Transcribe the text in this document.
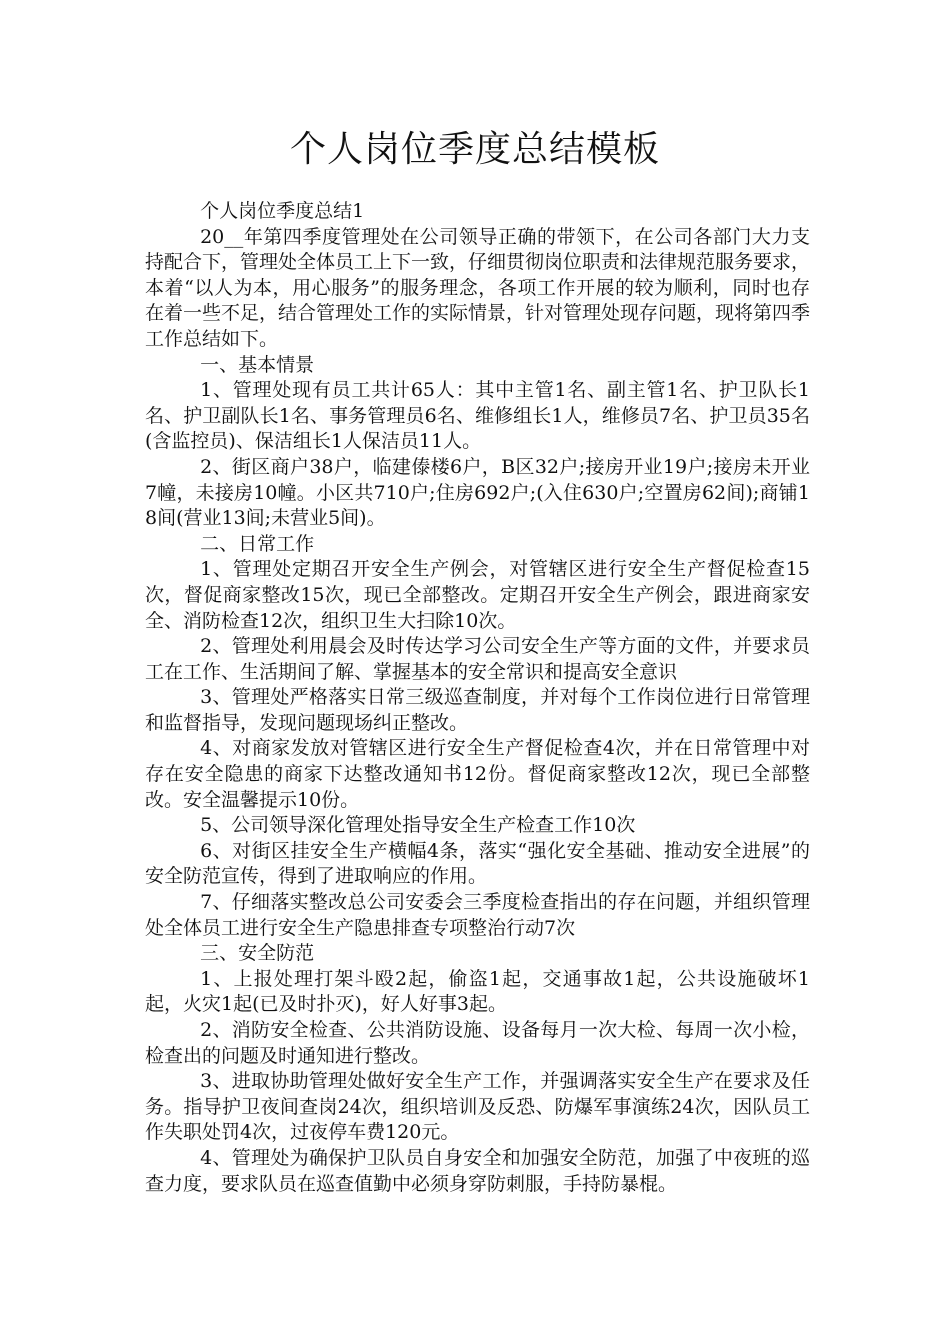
个人岗位季度总结模板

个人岗位季度总结1

20__年第四季度管理处在公司领导正确的带领下，在公司各部门大力支持配合下，管理处全体员工上下一致，仔细贯彻岗位职责和法律规范服务要求，本着“以人为本，用心服务”的服务理念，各项工作开展的较为顺利，同时也存在着一些不足，结合管理处工作的实际情景，针对管理处现存问题，现将第四季工作总结如下。

一、基本情景

1、管理处现有员工共计65人：其中主管1名、副主管1名、护卫队长1名、护卫副队长1名、事务管理员6名、维修组长1人，维修员7名、护卫员35名(含监控员)、保洁组长1人保洁员11人。

2、街区商户38户，临建傣楼6户，B区32户;接房开业19户;接房未开业7幢，未接房10幢。小区共710户;住房692户;(入住630户;空置房62间);商铺18间(营业13间;未营业5间)。

二、日常工作

1、管理处定期召开安全生产例会，对管辖区进行安全生产督促检查15次，督促商家整改15次，现已全部整改。定期召开安全生产例会，跟进商家安全、消防检查12次，组织卫生大扫除10次。

2、管理处利用晨会及时传达学习公司安全生产等方面的文件，并要求员工在工作、生活期间了解、掌握基本的安全常识和提高安全意识

3、管理处严格落实日常三级巡查制度，并对每个工作岗位进行日常管理和监督指导，发现问题现场纠正整改。

4、对商家发放对管辖区进行安全生产督促检查4次，并在日常管理中对存在安全隐患的商家下达整改通知书12份。督促商家整改12次，现已全部整改。安全温馨提示10份。

5、公司领导深化管理处指导安全生产检查工作10次

6、对街区挂安全生产横幅4条，落实“强化安全基础、推动安全进展”的安全防范宣传，得到了进取响应的作用。

7、仔细落实整改总公司安委会三季度检查指出的存在问题，并组织管理处全体员工进行安全生产隐患排查专项整治行动7次

三、安全防范

1、上报处理打架斗殴2起，偷盗1起，交通事故1起，公共设施破坏1起，火灾1起(已及时扑灭)，好人好事3起。

2、消防安全检查、公共消防设施、设备每月一次大检、每周一次小检，检查出的问题及时通知进行整改。

3、进取协助管理处做好安全生产工作，并强调落实安全生产在要求及任务。指导护卫夜间查岗24次，组织培训及反恐、防爆军事演练24次，因队员工作失职处罚4次，过夜停车费120元。

4、管理处为确保护卫队员自身安全和加强安全防范，加强了中夜班的巡查力度，要求队员在巡查值勤中必须身穿防刺服，手持防暴棍。
